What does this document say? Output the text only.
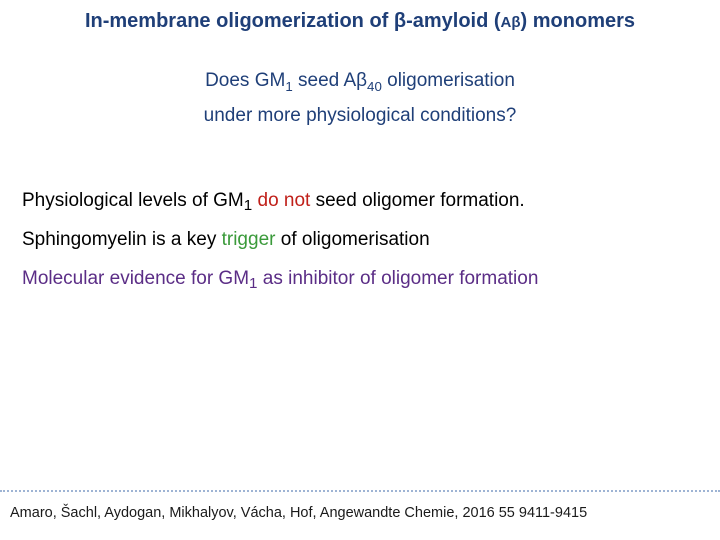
In-membrane oligomerization of β-amyloid (Aβ) monomers
Does $GM_1$ seed $A\beta_{40}$ oligomerisation
under more physiological conditions?
Physiological levels of $GM_1$ do not seed oligomer formation.
Sphingomyelin is a key trigger of oligomerisation
Molecular evidence for $GM_1$ as inhibitor of oligomer formation
Amaro, Šachl, Aydogan, Mikhalyov, Vácha, Hof, Angewandte Chemie, 2016 55 9411-9415
